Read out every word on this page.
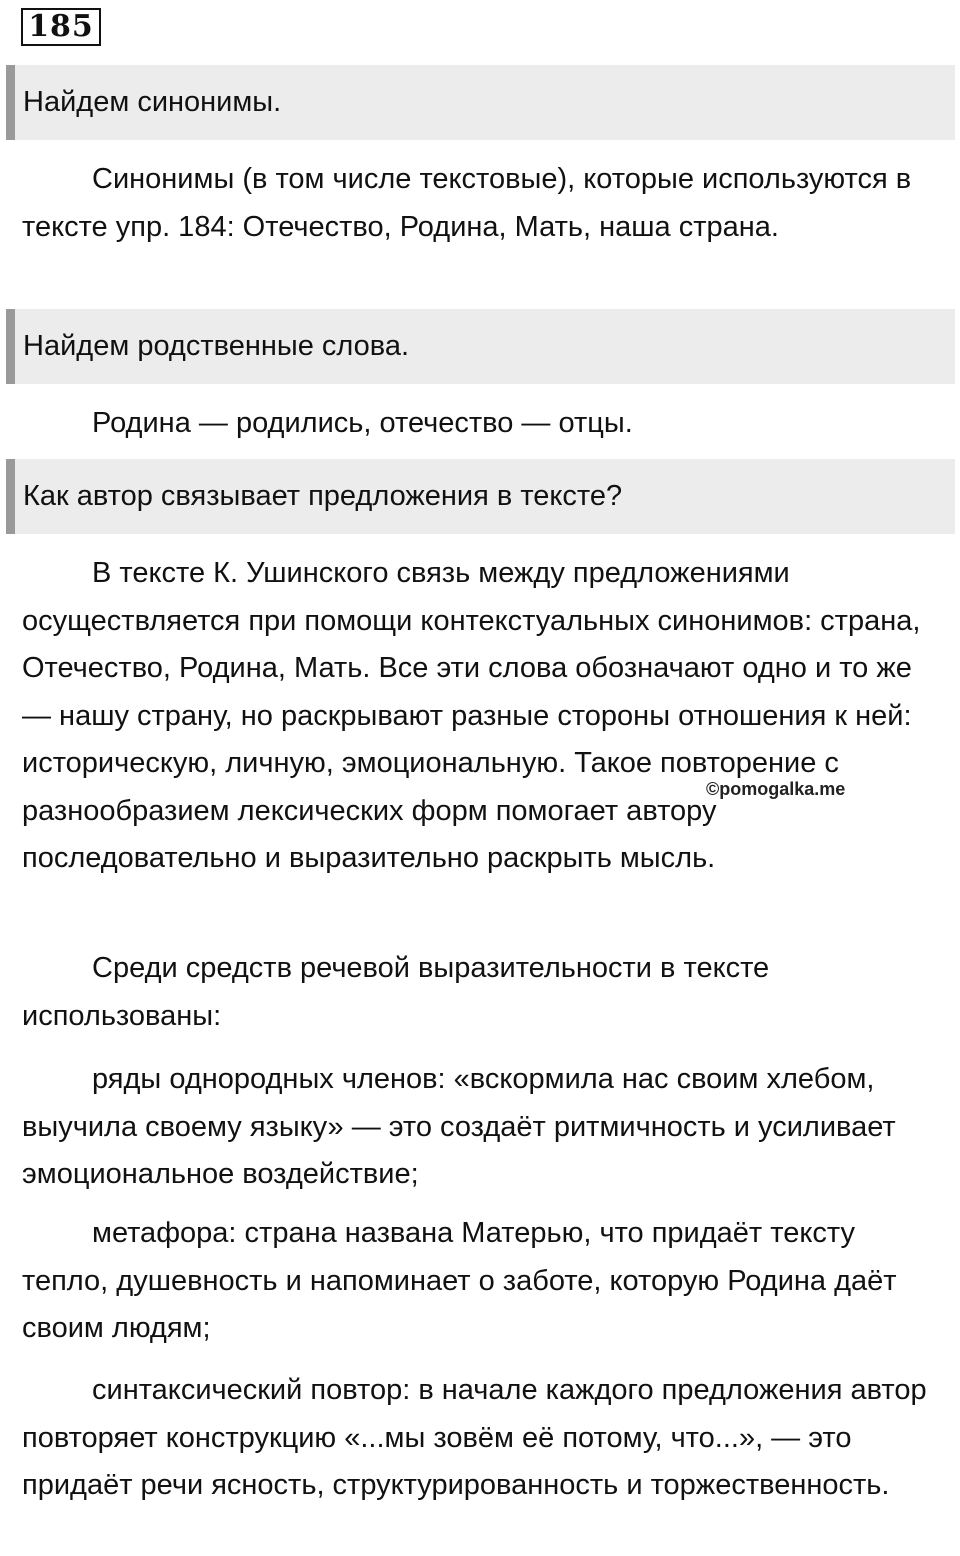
185
Найдем синонимы.

Синонимы (в том числе текстовые), которые используются в тексте упр. 184: Отечество, Родина, Мать, наша страна.

Найдем родственные слова.

Родина — родились, отечество — отцы.

Как автор связывает предложения в тексте?

В тексте К. Ушинского связь между предложениями осуществляется при помощи контекстуальных синонимов: страна, Отечество, Родина, Мать. Все эти слова обозначают одно и то же — нашу страну, но раскрывают разные стороны отношения к ней: историческую, личную, эмоциональную. Такое повторение с разнообразием лексических форм помогает автору последовательно и выразительно раскрыть мысль.

©pomogalka.me

Среди средств речевой выразительности в тексте использованы:

ряды однородных членов: «вскормила нас своим хлебом, выучила своему языку» — это создаёт ритмичность и усиливает эмоциональное воздействие;

метафора: страна названа Матерью, что придаёт тексту тепло, душевность и напоминает о заботе, которую Родина даёт своим людям;

синтаксический повтор: в начале каждого предложения автор повторяет конструкцию «...мы зовём её потому, что...», — это придаёт речи ясность, структурированность и торжественность.
